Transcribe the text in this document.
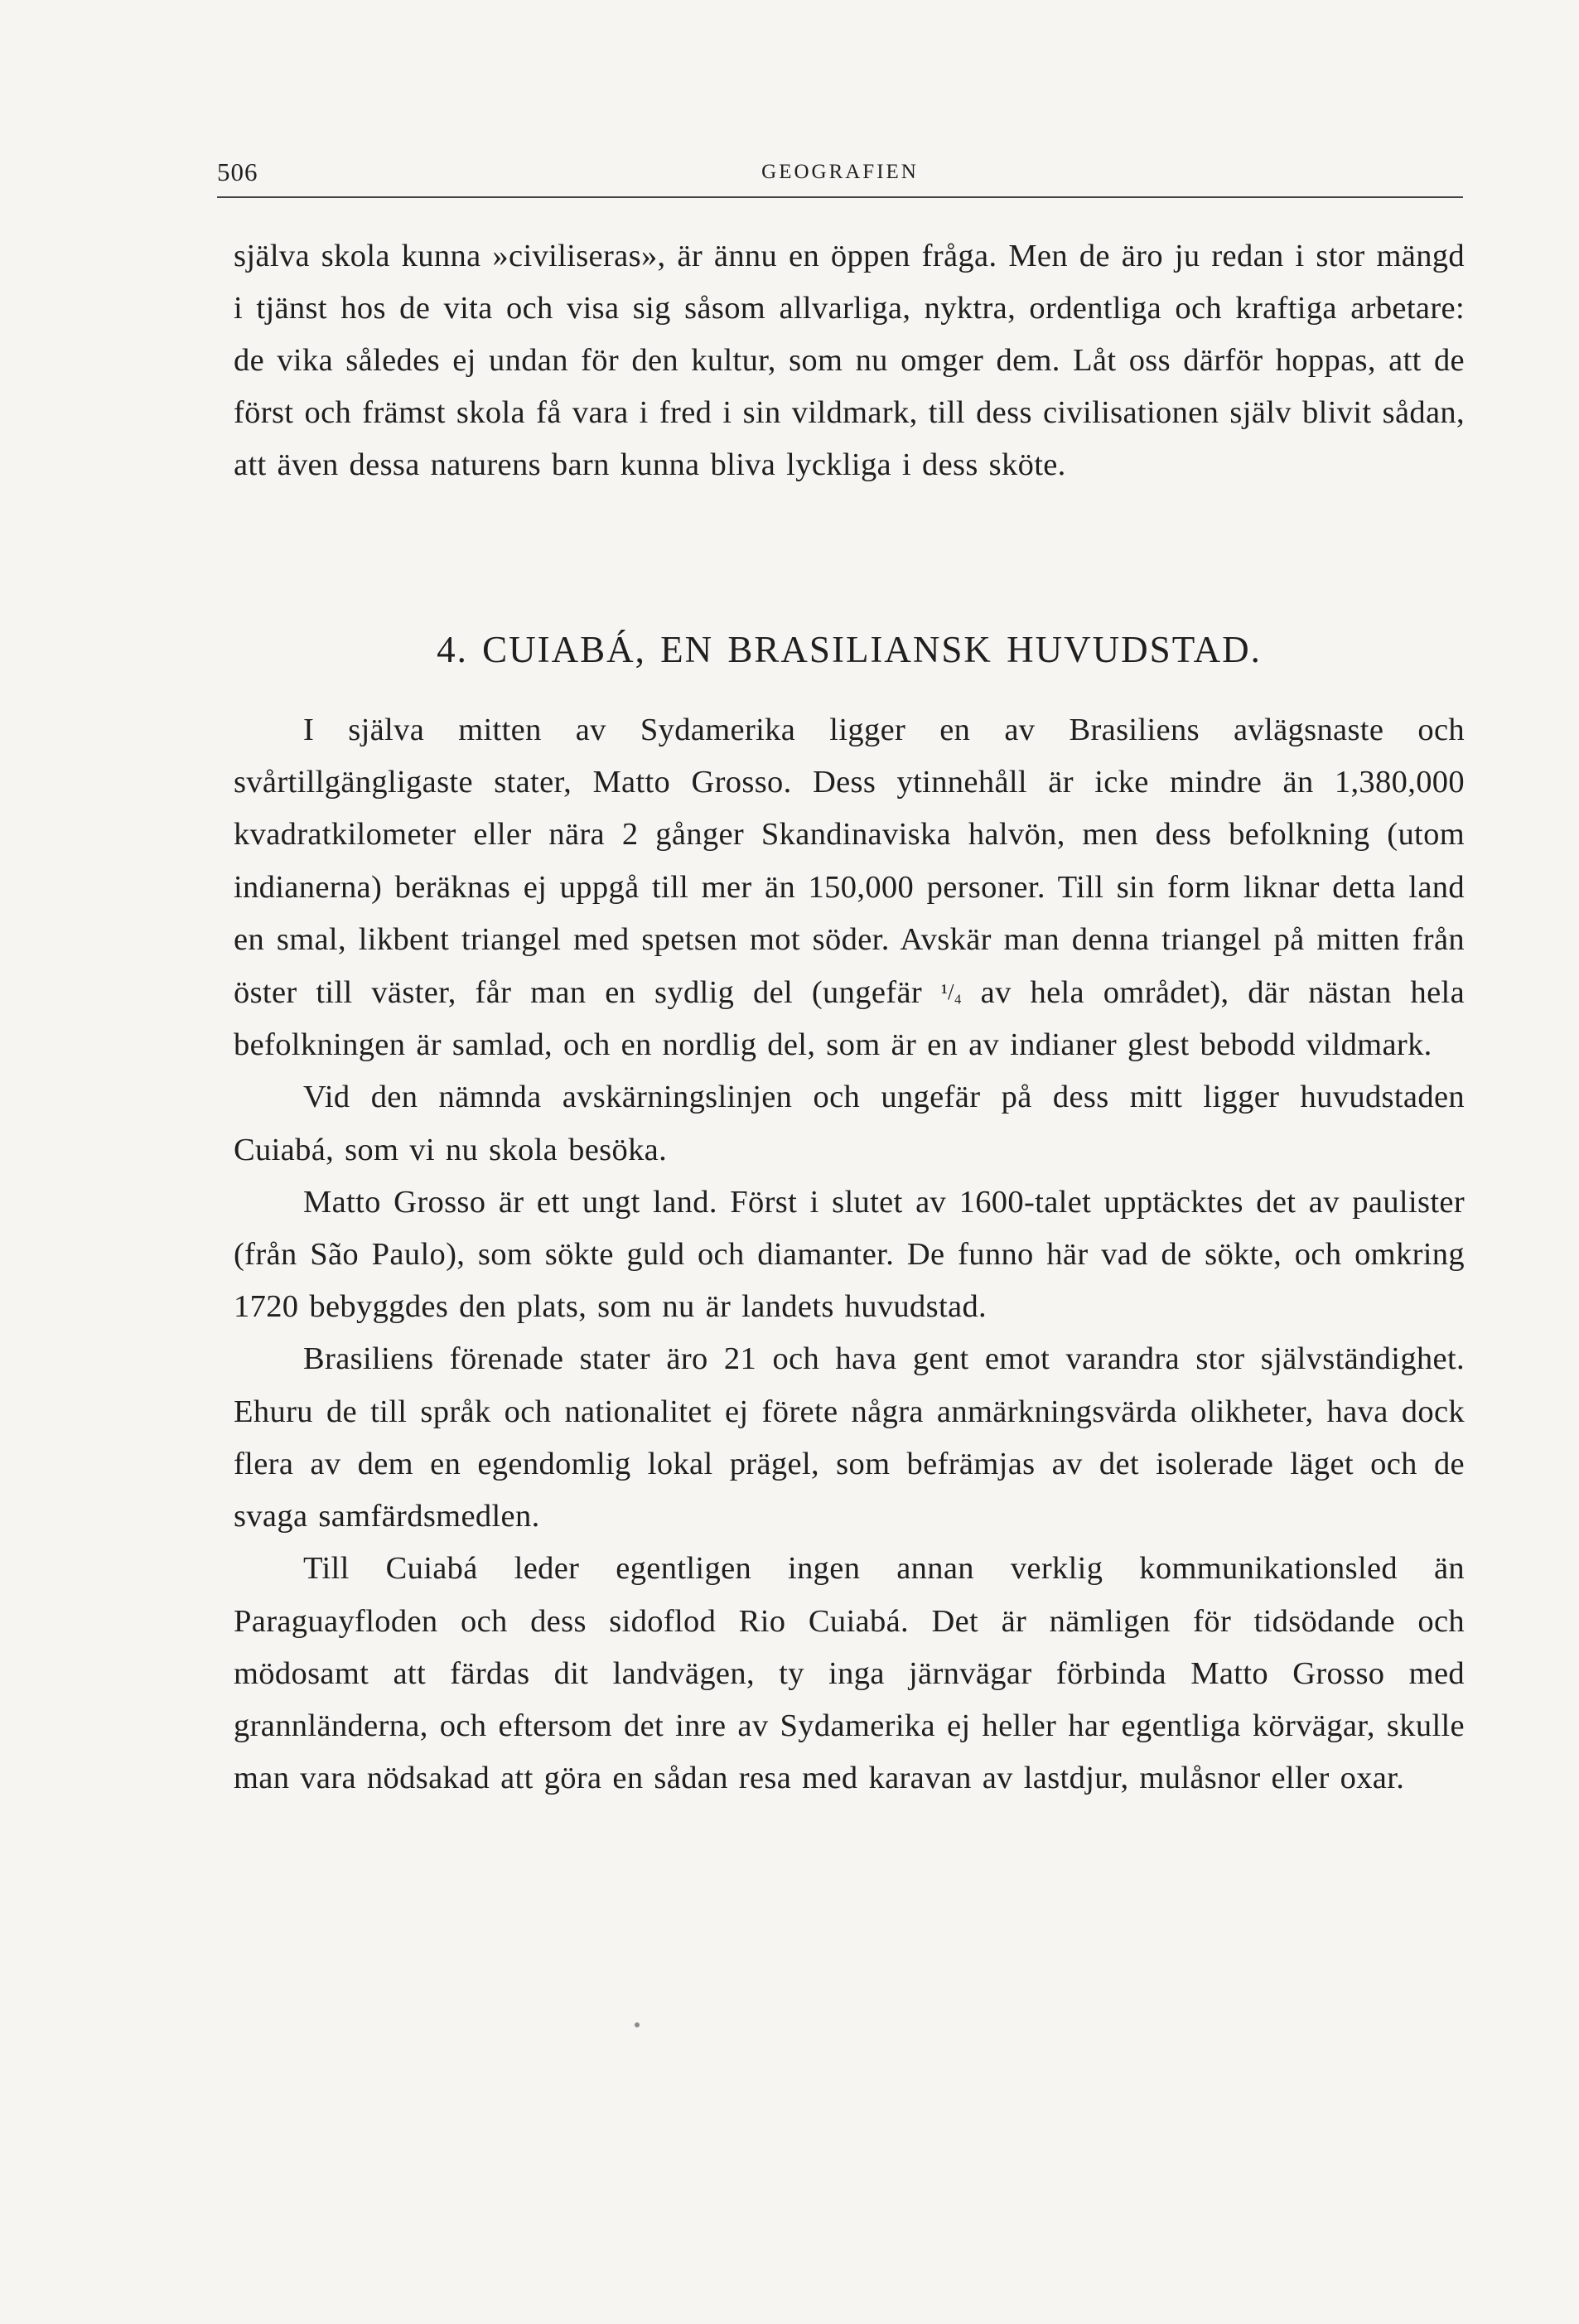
506	GEOGRAFIEN

själva skola kunna »civiliseras», är ännu en öppen fråga. Men de äro ju redan i stor mängd i tjänst hos de vita och visa sig såsom allvarliga, nyktra, ordentliga och kraftiga arbetare: de vika således ej undan för den kultur, som nu omger dem. Låt oss därför hoppas, att de först och främst skola få vara i fred i sin vildmark, till dess civilisationen själv blivit sådan, att även dessa naturens barn kunna bliva lyckliga i dess sköte.

4. CUIABÁ, EN BRASILIANSK HUVUDSTAD.

I själva mitten av Sydamerika ligger en av Brasiliens avlägsnaste och svårtillgängligaste stater, Matto Grosso. Dess ytinnehåll är icke mindre än 1,380,000 kvadratkilometer eller nära 2 gånger Skandinaviska halvön, men dess befolkning (utom indianerna) beräknas ej uppgå till mer än 150,000 personer. Till sin form liknar detta land en smal, likbent triangel med spetsen mot söder. Avskär man denna triangel på mitten från öster till väster, får man en sydlig del (ungefär ¹/₄ av hela området), där nästan hela befolkningen är samlad, och en nordlig del, som är en av indianer glest bebodd vildmark.

Vid den nämnda avskärningslinjen och ungefär på dess mitt ligger huvudstaden Cuiabá, som vi nu skola besöka.

Matto Grosso är ett ungt land. Först i slutet av 1600-talet upptäcktes det av paulister (från São Paulo), som sökte guld och diamanter. De funno här vad de sökte, och omkring 1720 bebyggdes den plats, som nu är landets huvudstad.

Brasiliens förenade stater äro 21 och hava gent emot varandra stor självständighet. Ehuru de till språk och nationalitet ej förete några anmärkningsvärda olikheter, hava dock flera av dem en egendomlig lokal prägel, som befrämjas av det isolerade läget och de svaga samfärdsmedlen.

Till Cuiabá leder egentligen ingen annan verklig kommunikationsled än Paraguayfloden och dess sidoflod Rio Cuiabá. Det är nämligen för tidsödande och mödosamt att färdas dit landvägen, ty inga järnvägar förbinda Matto Grosso med grannländerna, och eftersom det inre av Sydamerika ej heller har egentliga körvägar, skulle man vara nödsakad att göra en sådan resa med karavan av lastdjur, mulåsnor eller oxar.
